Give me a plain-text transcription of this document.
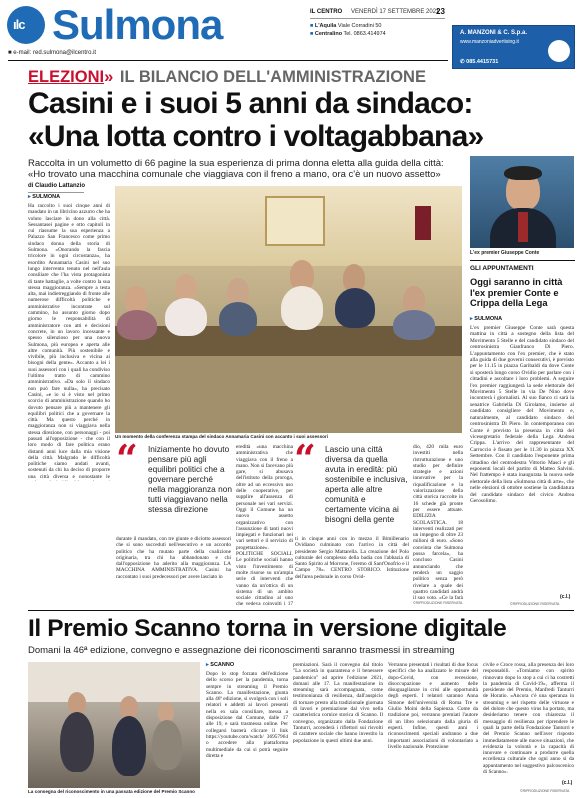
ılc Sulmona	IL CENTRO VENERDÌ 17 SETTEMBRE 2021
23
■ L'Aquila Viale Corradini 50
■ Centralino Tel. 0863.414974	A. MANZONI & C. S.p.a.
www.manzoniadvertising.it
✆ 085.4415731
■ e-mail: red.sulmona@ilcentro.it
ELEZIONI» IL BILANCIO DELL'AMMINISTRAZIONE
Casini e i suoi 5 anni da sindaco:
«Una lotta contro i voltagabbana»
Raccolta in un volumetto di 66 pagine la sua esperienza di prima donna eletta alla guida della città:
«Ho trovato una macchina comunale che viaggiava con il freno a mano, ora c'è un nuovo assetto»
L'ex premier Giuseppe Conte
di Claudio Lattanzio
▸ SULMONA
Ha raccolto i suoi cinque anni di mandato in un libricino azzurro che ha voluto lasciare in dono alla città. Sessantasei pagine e otto capitoli in cui riassume la sua esperienza a Palazzo San Francesco come primo sindaco donna della storia di Sulmona. «Onorando la fascia tricolore in ogni circostanza», ha esordito Annamaria Casini nel suo lungo intervento tenuto nel nell'aula consiliare che l'ha vista protagonista di tante battaglie, a volte contro la sua stessa maggioranza. «Sempre a testa alta, mai indietreggiando di fronte alle numerose difficoltà politiche e amministrative incontrate sul cammino, ho assunto giorno dopo giorno le responsabilità di amministratore con atti e decisioni concrete, in un lavoro incessante e spesso silenzioso per una nuova Sulmona, più europea e aperta alle altre comunità. Più sostenibile e vivibile, più inclusiva e vicina ai bisogni della gente». Accanto a lei i suoi assessori con i quali ha condiviso l'ultimo tratto di cammino amministrativo. «Da solo il sindaco non può fare nulla», ha precisato Casini, «e io si è visto nel primo scorcio di amministrazione quando ho dovuto pensare più a mantenere gli equilibri politici che a governare la città. Ma questo perché in maggioranza non si viaggiava nella stessa direzione, con personaggi - poi passati all'opposizione - che con il loro modo di fare politica erano distanti anni luce dalla mia visione della città. Malgrado le difficoltà politiche siamo andati avanti, sostenuti da chi ha deciso di proporre una città diversa e nonostante le
Un momento della conferenza stampa del sindaco Annamaria Casini con accanto i suoi assessori
“ Iniziamente ho dovuto pensare più agli equilibri politici che a governare perché nella maggioranza non tutti viaggiavano nella stessa direzione
durante il mandato, con tre giunte e diciotto assessori che si sono succeduti nell'esecutivo e un accordo politico che ha mutato parte della coalizione originaria, tra chi ha abbandonato e chi dall'opposizione ha aderito alla maggioranza. LA MACCHINA AMMINISTRATIVA. Casini ha raccontato i suoi predecessori per avere lasciato in
eredità «una macchina amministrativa che viaggiava con il freno a mano. Non si facevano più gare, si abusava dell'istituto della proroga, oltre ad un eccessivo uso delle cooperative, per supplire all'assenza di personale nei vari servizi. Oggi il Comune ha un nuovo assetto organizzativo con l'assunzione di tanti nuovi impiegati e funzionari nei vari settori e il servizio di progettazione». POLITICHE SOCIALI. Le politiche sociali hanno visto l'investimento di molte risorse su un'ampia serie di interventi che vanno da un'ottica di un sistema di un ambito sociale cittadino al uno che vedeva coinvolti i 17
“ Lascio una città diversa da quella avuta in eredità: più sostenibile e inclusiva, aperta alle altre comunità e certamente vicina ai bisogni della gente
ti in cinque anni con in mezzo il Bimillenario Ovidiano culminato con l'arrivo in città del presidente Sergio Mattarella. La creazione del Polo culturale del complesso della badia con l'abbazia di Santo Spirito al Morrone, l'eremo di Sant'Onofrio e il Campo 78». CENTRO STORICO. Istituzione dell'area pedonale in corso Ovid-
dio, 420 mila euro investiti nella ristrutturazione e uno studio per definire strategie e azioni innovative per la riqualificazione e la valorizzazione della città storica raccolte in 16 schede già pronte per essere attuate. EDILIZIA SCOLASTICA. 18 interventi realizzati per un impegno di oltre 23 milioni di euro. «Sono convinta che Sulmona possa farcela», ha concluso Casini annunciando che renderà un saggio politico senza però rivelare a quale dei quattro candidati andrà il suo voto. «Ce la farà
©RIPRODUZIONE RISERVATA
GLI APPUNTAMENTI
Oggi saranno in città l'ex premier Conte e Crippa della Lega
▸ SULMONA
L'ex premier Giuseppe Conte sarà questa mattina in città a sostegno della lista del Movimento 5 Stelle e del candidato sindaco del centrosinistra Gianfranco Di Piero. L'appuntamento con l'ex premier, che è stato alla guida di due governi consecutivi, è previsto per le 11.15 in piazza Garibaldi da dove Conte si sposterà lungo corso Ovidio per parlare con i cittadini e ascoltare i loro problemi. A seguire l'ex premier raggiungerà la sede elettorale del Movimento 5 Stelle in via De Nino dove incontrerà i giornalisti. Al suo fianco ci sarà la senatrice Gabriella Di Girolamo, insieme al candidato consigliere del Movimento e, naturalmente, al candidato sindaco del centrosinistra Di Piero. In contemporanea con Conte è previsto la presenza in città del vicesegretario federale della Lega Andrea Crippa. L'arrivo del rappresentante del Carroccio è fissato per le 11.30 in piazza XX Settembre. Con il candidato l'esponente prima cittadino del centrodestra Vittorio Masci e gli esponenti locali del partito di Matteo Salvini. Nel frattempo è stata inaugurata la nuova sede elettorale della lista «Sulmona città di arte», che nelle elezioni di ottobre sostiene la candidatura del candidato sindaco del civico Andrea Gerosolimo.
(c.l.)
©RIPRODUZIONE RISERVATA
Il Premio Scanno torna in versione digitale
Domani la 46ª edizione, convegno e assegnazione dei riconoscimenti saranno trasmessi in streaming
La consegna del riconoscimento in una passata edizione del Premio Scanno
▸ SCANNO
Dopo lo stop forzato dell'edizione dello scorso per la pandemia, torna sempre in streaming il Premio Scanno. La manifestazione, giunta alla 46ª edizione, si svolgerà con i soli relatori e addetti ai lavori presenti nella ex sala consiliare, messa a disposizione dal Comune, dalle 17 alle 19, e sarà trasmessa online. Per collegarsi basterà cliccare il link https://youtube.com/watch/ 36957964 o accedere alla piattaforma multimediale da cui si potrà seguire diretta e
premiazioni. Sarà il convegno dal titolo "La società in quarantena e il benessere pandemico" ad aprire l'edizione 2021, domani alle 17. La manifestazione in streaming sarà accompagnata, come testimonianza di resilienza, dall'auspicio di tornare presto alla tradizionale giornata di lavori e premiazione dal vivo nella caratteristica cornice storica di Scanno. Il convegno, organizzato dalla Fondazione Tanturri, accenderà i riflettori sui risvolti di carattere sociale che hanno investito la popolazione in questi ultimi due anni.
Verranno presentati i risultati di due focus specifici che ha analizzato le misure del dopo-Covid, con recessione, disoccupazione e aumento delle disuguaglianze in crisi alle opportunità degli esperti. I relatori saranno Anna Simone dell'università di Roma Tre e Giulio Moini della Sapienza. Come da tradizione poi, verranno premiati l'autore di un libro selezionato dalla giuria di esperti. Infine, questi anni i riconoscimenti speciali andranno a due importanti associazioni di volontariato a livello nazionale. Protezione
civile e Croce rossa, alla presenza dei loro responsabili. «Torniamo con spirito rinnovato dopo lo stop a cui ci ha costretti la pandemia di Covid-19», afferma il presidente del Premio, Manfredi Tanturri de Horatio. «Ancora c'è una speranza in streaming e nel rispetto delle virtuose e del dolore che questo virus ha portato, ma desideriamo tenere con chiarezza il messaggio di resilienza per riprendere le quali la parte della Fondazione Tanturri e del Premio Scanno nell'aver risposto immediatamente alle nuove situazioni, che evidenzia la volontà e la capacità di innovare e continuare a produrre quella eccellenza culturale che ogni anno si da appuntamento nel suggestivo palcoscenico di Scanno».
(c.l.)
©RIPRODUZIONE RISERVATA
